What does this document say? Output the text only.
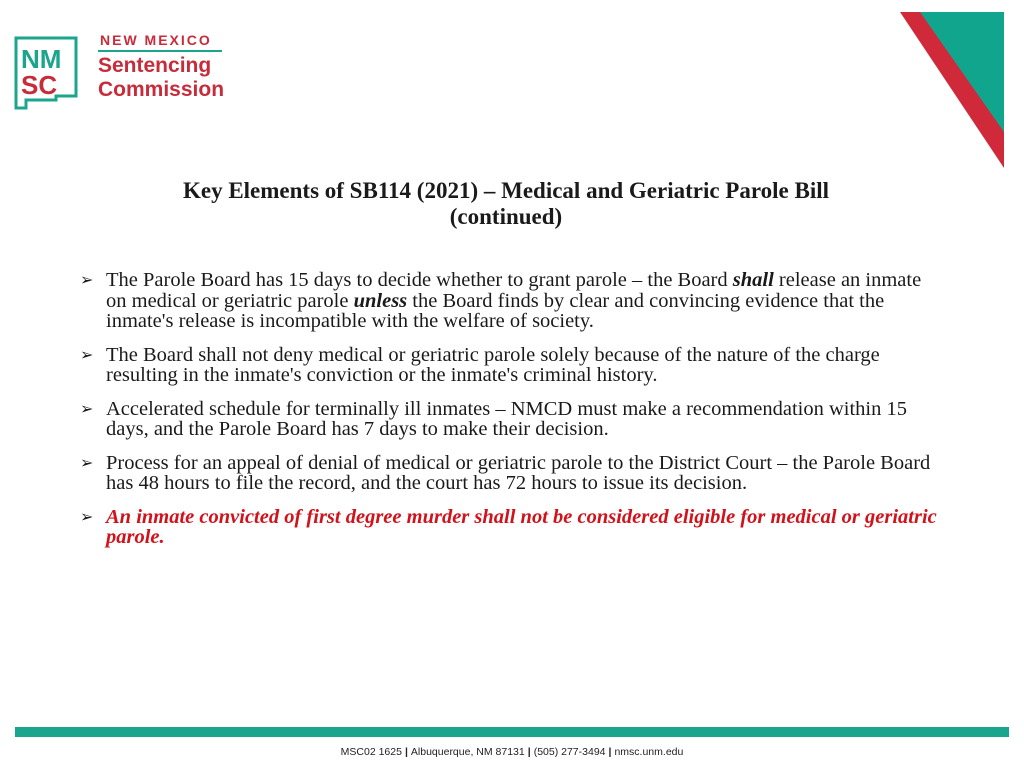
NM
SC
NEW MEXICO
Sentencing
Commission
Key Elements of SB114 (2021) – Medical and Geriatric Parole Bill
(continued)
➢ The Parole Board has 15 days to decide whether to grant parole – the Board shall release an inmate on medical or geriatric parole unless the Board finds by clear and convincing evidence that the inmate's release is incompatible with the welfare of society.
➢ The Board shall not deny medical or geriatric parole solely because of the nature of the charge resulting in the inmate's conviction or the inmate's criminal history.
➢ Accelerated schedule for terminally ill inmates – NMCD must make a recommendation within 15 days, and the Parole Board has 7 days to make their decision.
➢ Process for an appeal of denial of medical or geriatric parole to the District Court – the Parole Board has 48 hours to file the record, and the court has 72 hours to issue its decision.
➢ An inmate convicted of first degree murder shall not be considered eligible for medical or geriatric parole.
MSC02 1625 | Albuquerque, NM 87131 | (505) 277-3494 | nmsc.unm.edu
